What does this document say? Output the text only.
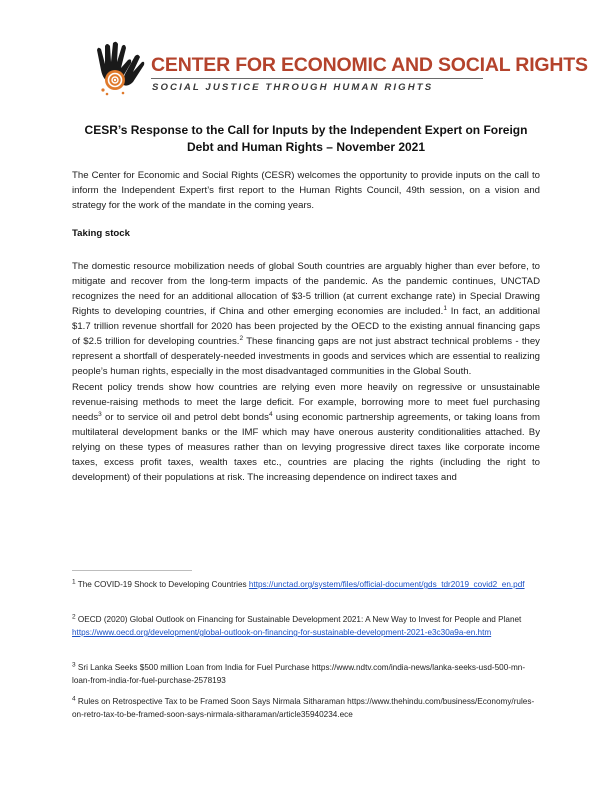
CENTER FOR ECONOMIC AND SOCIAL RIGHTS
SOCIAL JUSTICE THROUGH HUMAN RIGHTS
CESR’s Response to the Call for Inputs by the Independent Expert on Foreign Debt and Human Rights – November 2021

The Center for Economic and Social Rights (CESR) welcomes the opportunity to provide inputs on the call to inform the Independent Expert’s first report to the Human Rights Council, 49th session, on a vision and strategy for the work of the mandate in the coming years.

Taking stock

The domestic resource mobilization needs of global South countries are arguably higher than ever before, to mitigate and recover from the long-term impacts of the pandemic. As the pandemic continues, UNCTAD recognizes the need for an additional allocation of $3-5 trillion (at current exchange rate) in Special Drawing Rights to developing countries, if China and other emerging economies are included.$^1$ In fact, an additional $1.7 trillion revenue shortfall for 2020 has been projected by the OECD to the existing annual financing gaps of $2.5 trillion for developing countries.$^2$ These financing gaps are not just abstract technical problems - they represent a shortfall of desperately-needed investments in goods and services which are essential to realizing people’s human rights, especially in the most disadvantaged communities in the Global South.

Recent policy trends show how countries are relying even more heavily on regressive or unsustainable revenue-raising methods to meet the large deficit. For example, borrowing more to meet fuel purchasing needs$^3$ or to service oil and petrol debt bonds$^4$ using economic partnership agreements, or taking loans from multilateral development banks or the IMF which may have onerous austerity conditionalities attached. By relying on these types of measures rather than on levying progressive direct taxes like corporate income taxes, excess profit taxes, wealth taxes etc., countries are placing the rights (including the right to development) of their populations at risk. The increasing dependence on indirect taxes and

$^1$ The COVID-19 Shock to Developing Countries https://unctad.org/system/files/official-document/gds_tdr2019_covid2_en.pdf

$^2$ OECD (2020) Global Outlook on Financing for Sustainable Development 2021: A New Way to Invest for People and Planet https://www.oecd.org/development/global-outlook-on-financing-for-sustainable-development-2021-e3c30a9a-en.htm

$^3$ Sri Lanka Seeks $500 million Loan from India for Fuel Purchase https://www.ndtv.com/india-news/lanka-seeks-usd-500-mn-loan-from-india-for-fuel-purchase-2578193

$^4$ Rules on Retrospective Tax to be Framed Soon Says Nirmala Sitharaman https://www.thehindu.com/business/Economy/rules-on-retro-tax-to-be-framed-soon-says-nirmala-sitharaman/article35940234.ece
